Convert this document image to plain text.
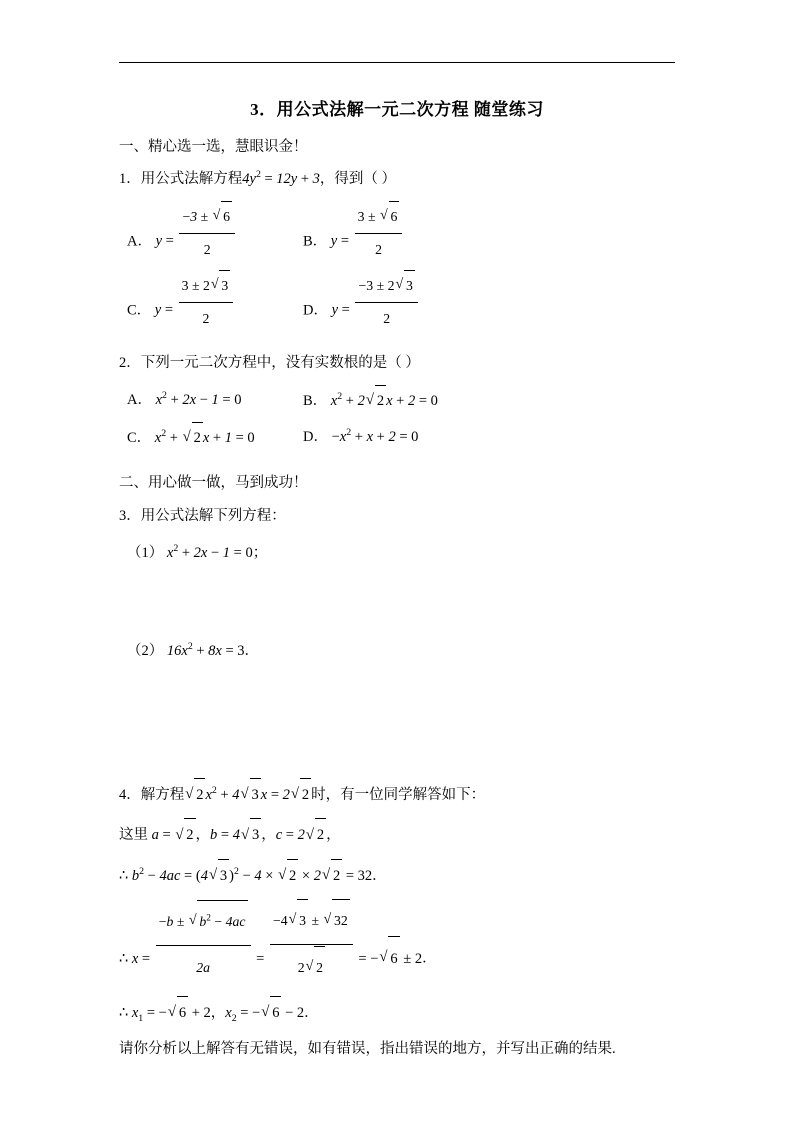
3．用公式法解一元二次方程 随堂练习
一、精心选一选，慧眼识金！
1．用公式法解方程$4y^2 = 12y + 3$，得到（ ）
A． $y = \frac{-3 \pm √ 6}{2}$	B． $y = \frac{3 \pm √ 6}{2}$
C． $y = \frac{3 \pm 2 √ 3}{2}$	D． $y = \frac{-3 \pm 2 √ 3}{2}$
2．下列一元二次方程中，没有实数根的是（ ）
A． $x^2 + 2x - 1 = 0$	B． $x^2 + 2$ √ 2 x + 2 = 0
C． $x^2$ + √ 2 x + 1 = 0	D． $-x^2 + x + 2 = 0$
二、用心做一做，马到成功！
3．用公式法解下列方程：
（1） $x^2 + 2x - 1 = 0$；
（2） $16x^2 + 8x = 3$．
4．解方程 √ 2 $x^2 + 4$ √ 3 x = 2 √ 2 时，有一位同学解答如下：
这里 a = √ 2 ，b = 4 √ 3 ，c = 2 √ 2 ，
∴ $b^2 - 4ac = (4$ √ 3 )$^2$ − 4 × √ 2 × 2 √ 2 = 32．
∴ $x = \frac{-b \pm √ b^2 - 4ac}{2a} = \frac{-4 √ 3 \pm √ 32}{2 √ 2}$ = − √ 6 ± 2．
∴ $x_1$ = − √ 6 + 2，$x_2$ = − √ 6 − 2．
请你分析以上解答有无错误，如有错误，指出错误的地方，并写出正确的结果.
